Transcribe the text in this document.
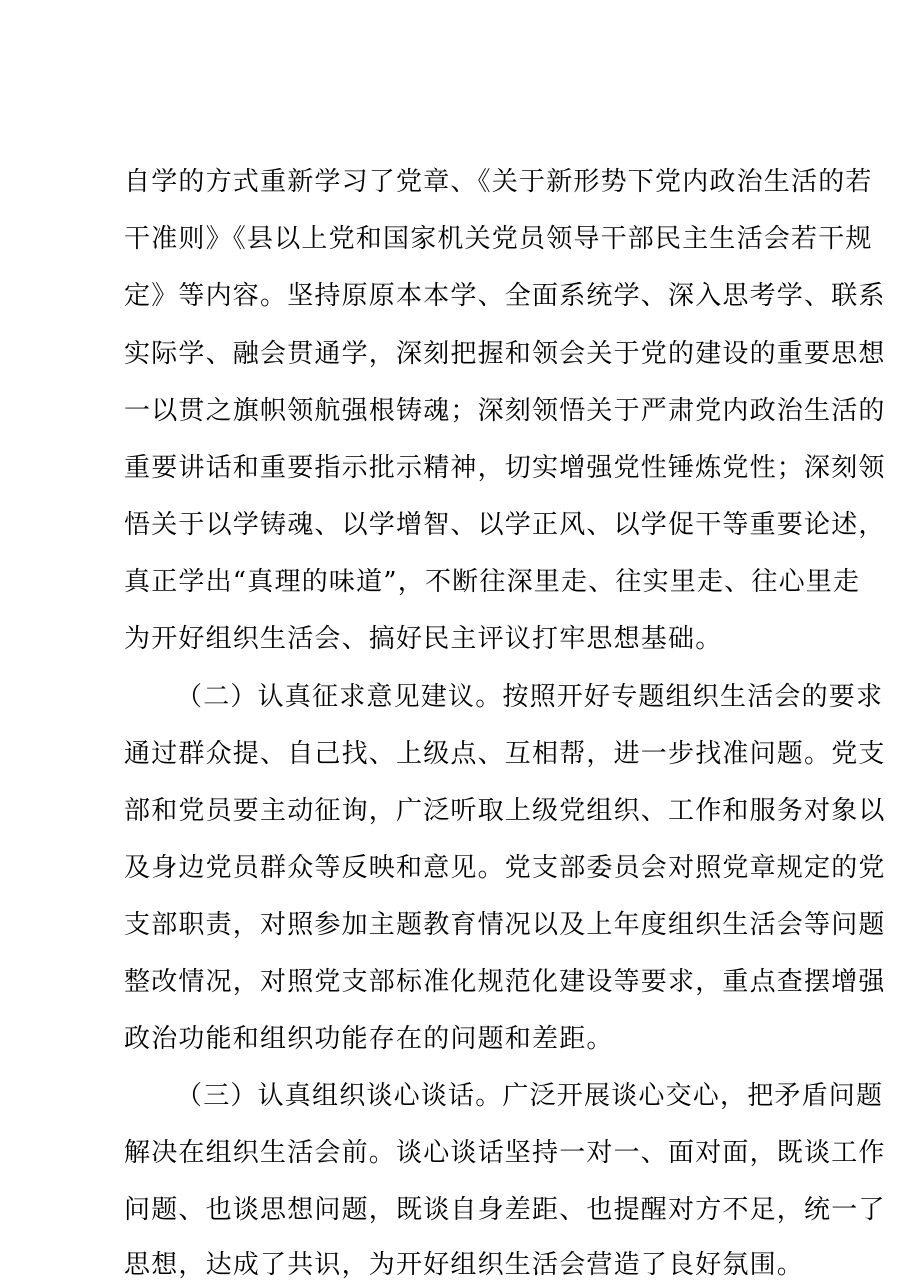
自学的方式重新学习了党章、《关于新形势下党内政治生活的若
干准则》《县以上党和国家机关党员领导干部民主生活会若干规
定》等内容。坚持原原本本学、全面系统学、深入思考学、联系
实际学、融会贯通学，深刻把握和领会关于党的建设的重要思想
一以贯之旗帜领航强根铸魂；深刻领悟关于严肃党内政治生活的
重要讲话和重要指示批示精神，切实增强党性锤炼党性；深刻领
悟关于以学铸魂、以学增智、以学正风、以学促干等重要论述，
真正学出“真理的味道”，不断往深里走、往实里走、往心里走
为开好组织生活会、搞好民主评议打牢思想基础。
（二）认真征求意见建议。按照开好专题组织生活会的要求
通过群众提、自己找、上级点、互相帮，进一步找准问题。党支
部和党员要主动征询，广泛听取上级党组织、工作和服务对象以
及身边党员群众等反映和意见。党支部委员会对照党章规定的党
支部职责，对照参加主题教育情况以及上年度组织生活会等问题
整改情况，对照党支部标准化规范化建设等要求，重点查摆增强
政治功能和组织功能存在的问题和差距。
（三）认真组织谈心谈话。广泛开展谈心交心，把矛盾问题
解决在组织生活会前。谈心谈话坚持一对一、面对面，既谈工作
问题、也谈思想问题，既谈自身差距、也提醒对方不足，统一了
思想，达成了共识，为开好组织生活会营造了良好氛围。
